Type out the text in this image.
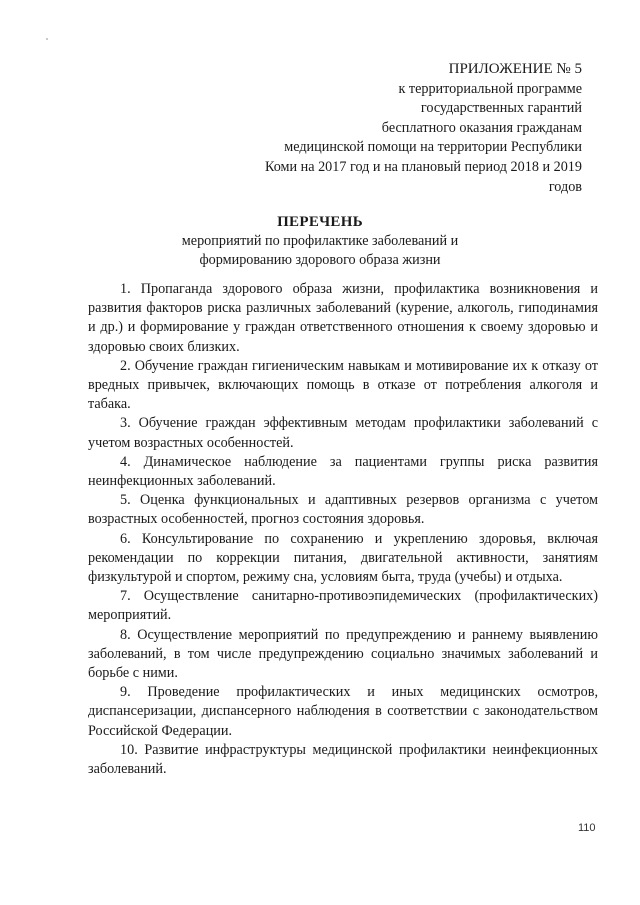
ПРИЛОЖЕНИЕ № 5
к территориальной программе
государственных гарантий
бесплатного оказания гражданам
медицинской помощи на территории Республики
Коми на 2017 год и на плановый период 2018 и 2019
годов
ПЕРЕЧЕНЬ
мероприятий по профилактике заболеваний и формированию здорового образа жизни

1. Пропаганда здорового образа жизни, профилактика возникновения и развития факторов риска различных заболеваний (курение, алкоголь, гиподинамия и др.) и формирование у граждан ответственного отношения к своему здоровью и здоровью своих близких.

2. Обучение граждан гигиеническим навыкам и мотивирование их к отказу от вредных привычек, включающих помощь в отказе от потребления алкоголя и табака.

3. Обучение граждан эффективным методам профилактики заболеваний с учетом возрастных особенностей.

4. Динамическое наблюдение за пациентами группы риска развития неинфекционных заболеваний.

5. Оценка функциональных и адаптивных резервов организма с учетом возрастных особенностей, прогноз состояния здоровья.

6. Консультирование по сохранению и укреплению здоровья, включая рекомендации по коррекции питания, двигательной активности, занятиям физкультурой и спортом, режиму сна, условиям быта, труда (учебы) и отдыха.

7. Осуществление санитарно-противоэпидемических (профилактических) мероприятий.

8. Осуществление мероприятий по предупреждению и раннему выявлению заболеваний, в том числе предупреждению социально значимых заболеваний и борьбе с ними.

9. Проведение профилактических и иных медицинских осмотров, диспансеризации, диспансерного наблюдения в соответствии с законодательством Российской Федерации.

10. Развитие инфраструктуры медицинской профилактики неинфекционных заболеваний.

110
